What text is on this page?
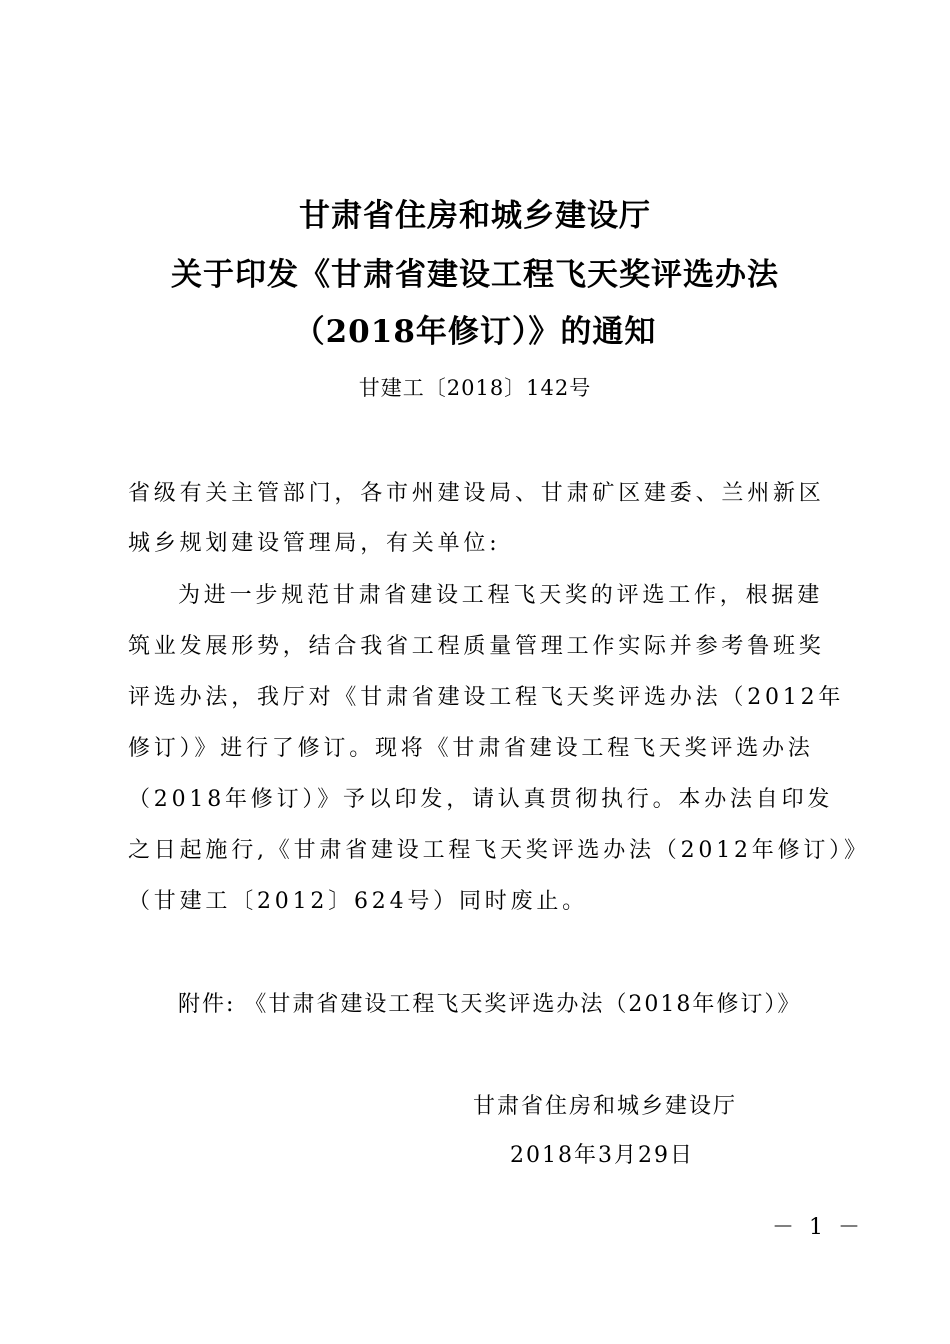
甘肃省住房和城乡建设厅
关于印发《甘肃省建设工程飞天奖评选办法
（2018年修订）》的通知
甘建工〔2018〕142号
省级有关主管部门，各市州建设局、甘肃矿区建委、兰州新区
城乡规划建设管理局，有关单位:
为进一步规范甘肃省建设工程飞天奖的评选工作，根据建
筑业发展形势，结合我省工程质量管理工作实际并参考鲁班奖
评选办法，我厅对《甘肃省建设工程飞天奖评选办法（2012年
修订）》进行了修订。现将《甘肃省建设工程飞天奖评选办法
（2018年修订）》予以印发，请认真贯彻执行。本办法自印发
之日起施行,《甘肃省建设工程飞天奖评选办法（2012年修订）》
（甘建工〔2012〕624号）同时废止。
附件: 《甘肃省建设工程飞天奖评选办法（2018年修订）》
甘肃省住房和城乡建设厅
2018年3月29日
－ 1 －
